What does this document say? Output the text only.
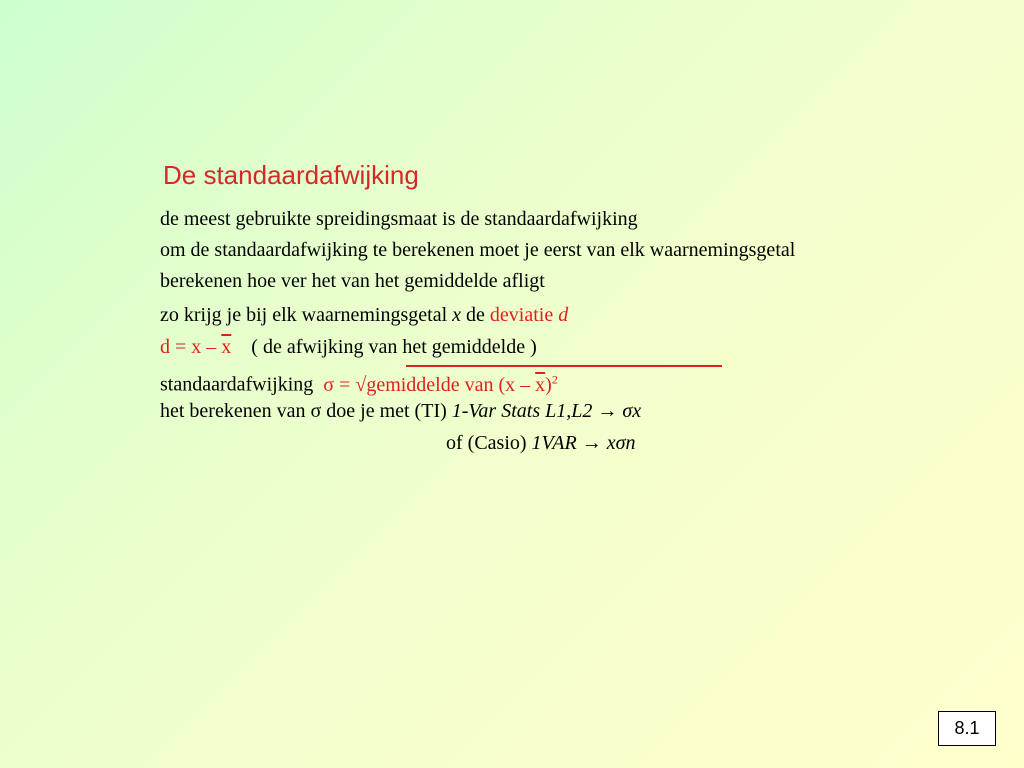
De standaardafwijking
de meest gebruikte spreidingsmaat is de standaardafwijking
om de standaardafwijking te berekenen moet je eerst van elk waarnemingsgetal
berekenen hoe ver het van het gemiddelde afligt
zo krijg je bij elk waarnemingsgetal x de deviatie d
$d = x - \overline{x}$    ( de afwijking van het gemiddelde )
standaardafwijking  σ = √gemiddelde van $(x - \overline{x})^2$
het berekenen van σ doe je met (TI) 1-Var Stats L1,L2 → σx
of (Casio) 1VAR → xσn
8.1
